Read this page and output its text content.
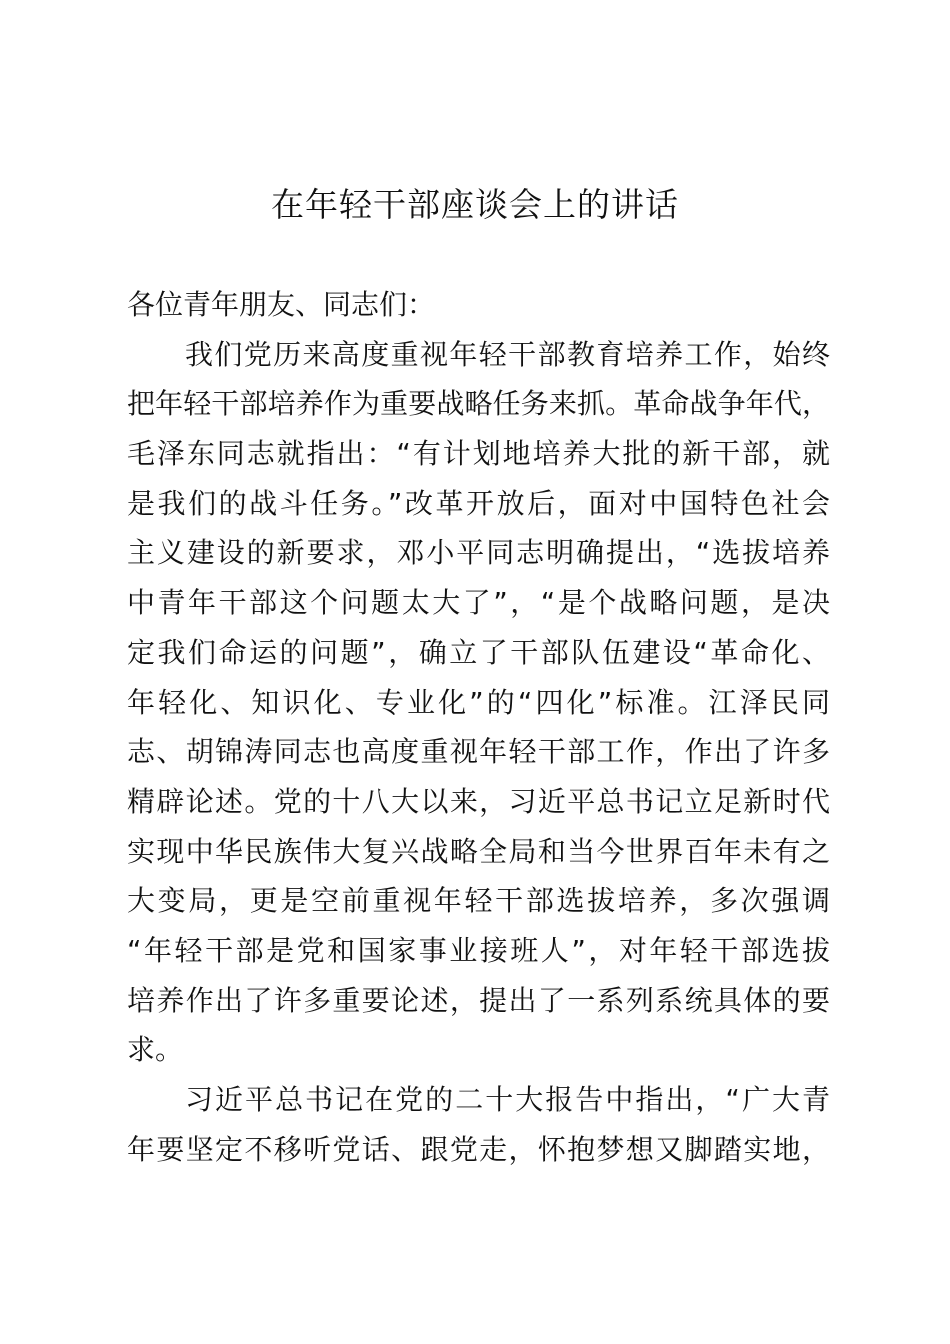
在年轻干部座谈会上的讲话
各位青年朋友、同志们：
我们党历来高度重视年轻干部教育培养工作，始终
把年轻干部培养作为重要战略任务来抓。革命战争年代，
毛泽东同志就指出：“有计划地培养大批的新干部，就
是我们的战斗任务。”改革开放后，面对中国特色社会
主义建设的新要求，邓小平同志明确提出，“选拔培养
中青年干部这个问题太大了”，“是个战略问题，是决
定我们命运的问题”，确立了干部队伍建设“革命化、
年轻化、知识化、专业化”的“四化”标准。江泽民同
志、胡锦涛同志也高度重视年轻干部工作，作出了许多
精辟论述。党的十八大以来，习近平总书记立足新时代
实现中华民族伟大复兴战略全局和当今世界百年未有之
大变局，更是空前重视年轻干部选拔培养，多次强调
“年轻干部是党和国家事业接班人”，对年轻干部选拔
培养作出了许多重要论述，提出了一系列系统具体的要
求。
习近平总书记在党的二十大报告中指出，“广大青
年要坚定不移听党话、跟党走，怀抱梦想又脚踏实地，
